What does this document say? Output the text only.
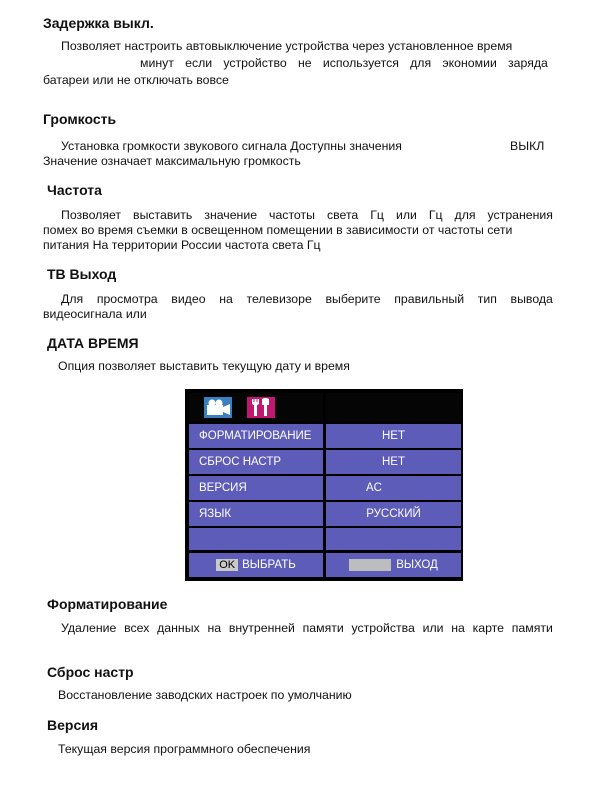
Задержка выкл.
Позволяет настроить автовыключение устройства через установленное время
минут если устройство не используется для экономии заряда
батареи или не отключать вовсе
Громкость
Установка громкости звукового сигнала Доступны значения	ВЫКЛ
Значение означает максимальную громкость
Частота
Позволяет выставить значение частоты света Гц или Гц для устранения
помех во время съемки в освещенном помещении в зависимости от частоты сети
питания На территории России частота света Гц
ТВ Выход
Для просмотра видео на телевизоре выберите правильный тип вывода
видеосигнала или
ДАТА ВРЕМЯ
Опция позволяет выставить текущую дату и время
ФОРМАТИРОВАНИЕ	НЕТ
СБРОС НАСТР	НЕТ
ВЕРСИЯ	AC
ЯЗЫК	РУССКИЙ
OK ВЫБРАТЬ	ВЫХОД
Форматирование
Удаление всех данных на внутренней памяти устройства или на карте памяти
Сброс настр
Восстановление заводских настроек по умолчанию
Версия
Текущая версия программного обеспечения
